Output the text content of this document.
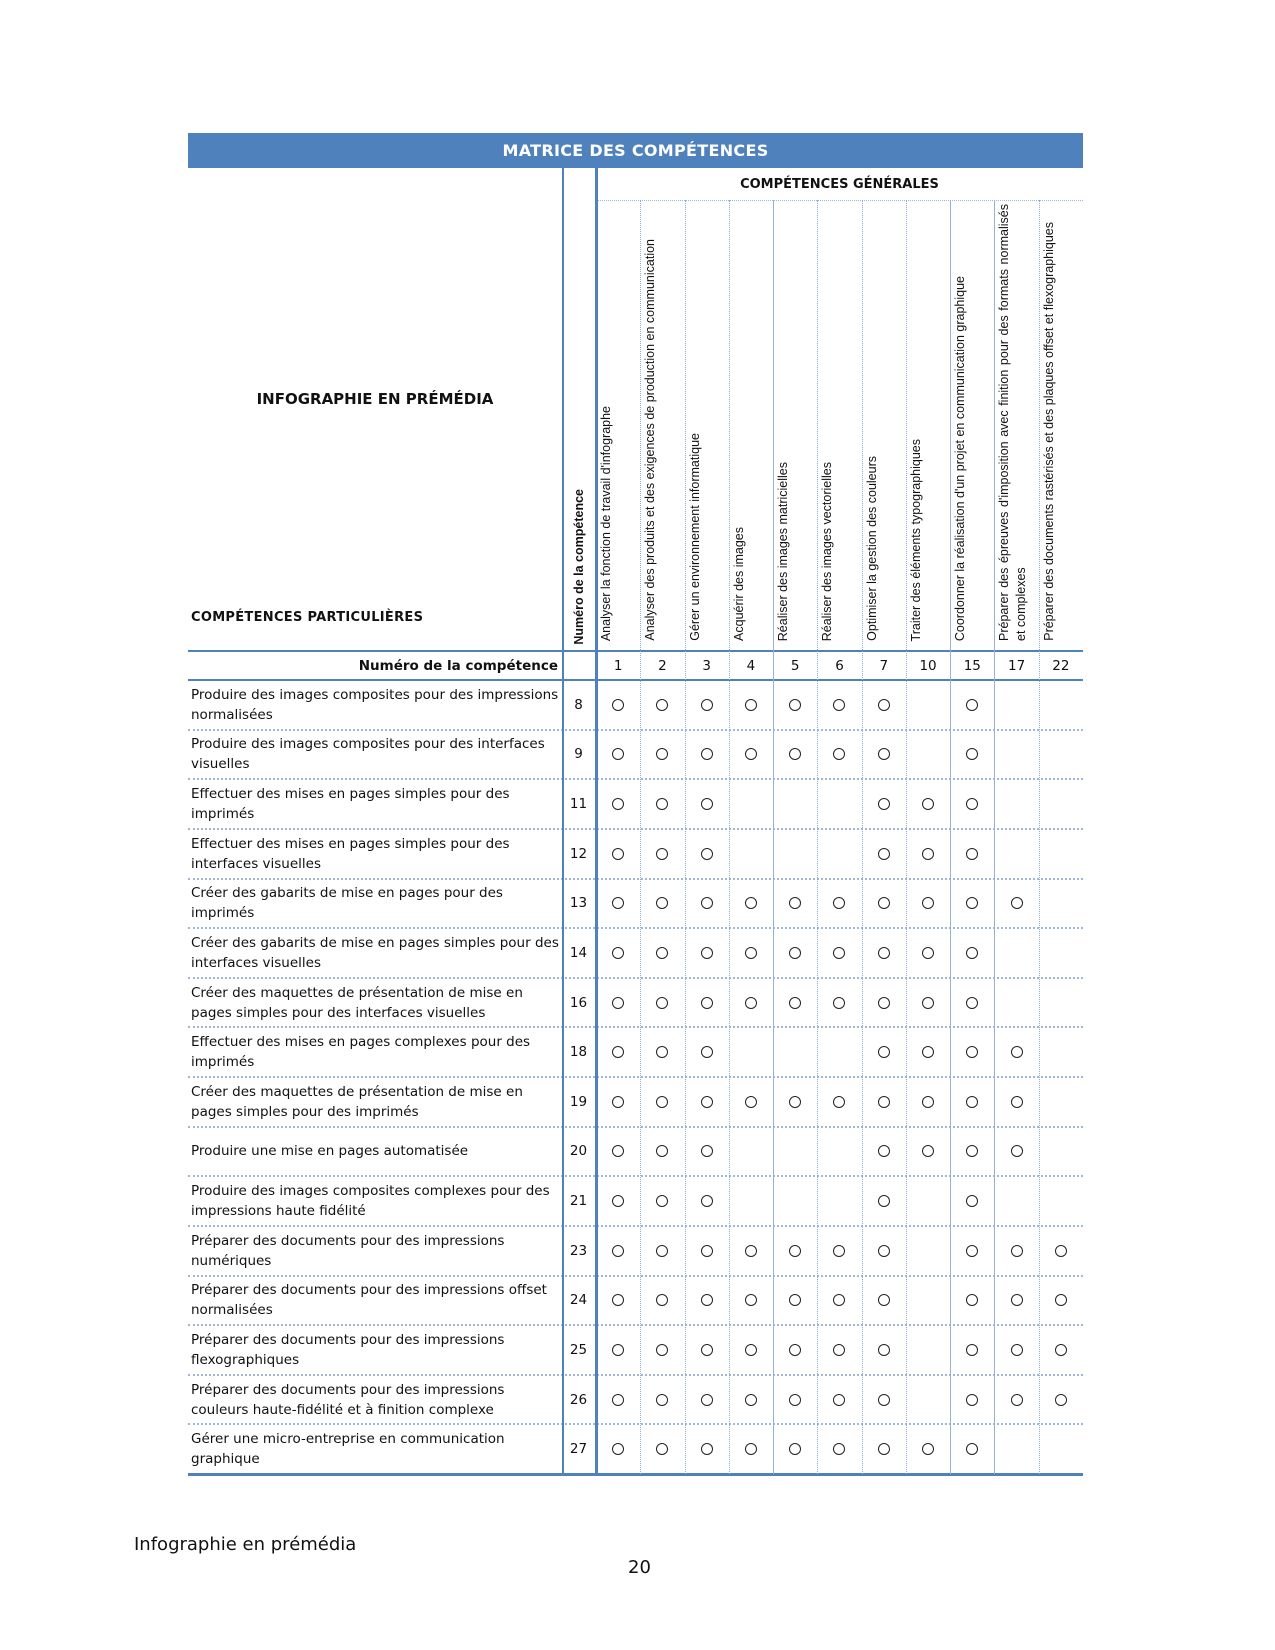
MATRICE DES COMPÉTENCES
COMPÉTENCES GÉNÉRALES
INFOGRAPHIE EN PRÉMÉDIA
COMPÉTENCES PARTICULIÈRES	Numéro de la compétence
Numéro de la compétence
Analyser la fonction de travail d'infographe
1
Analyser des produits et des exigences de production en communication
2
Gérer un environnement informatique
3
Acquérir des images
4
Réaliser des images matricielles
5
Réaliser des images vectorielles
6
Optimiser la gestion des couleurs
7
Traiter des éléments typographiques
10
Coordonner la réalisation d'un projet en communication graphique
15
Préparer des épreuves d'imposition avec finition pour des formats normalisés et complexes
17
Préparer des documents rastérisés et des plaques offset et flexographiques
22
Produire des images composites pour des impressions normalisées
8
Produire des images composites pour des interfaces visuelles
9
Effectuer des mises en pages simples pour des imprimés
11
Effectuer des mises en pages simples pour des interfaces visuelles
12
Créer des gabarits de mise en pages pour des imprimés
13
Créer des gabarits de mise en pages simples pour des interfaces visuelles
14
Créer des maquettes de présentation de mise en pages simples pour des interfaces visuelles
16
Effectuer des mises en pages complexes pour des imprimés
18
Créer des maquettes de présentation de mise en pages simples pour des imprimés
19
Produire une mise en pages automatisée	20
Produire des images composites complexes pour des impressions haute fidélité
21
Préparer des documents pour des impressions numériques
23
Préparer des documents pour des impressions offset normalisées
24
Préparer des documents pour des impressions flexographiques
25
Préparer des documents pour des impressions couleurs haute-fidélité et à finition complexe
26
Gérer une micro-entreprise en communication graphique
27
Infographie en prémédia
20
